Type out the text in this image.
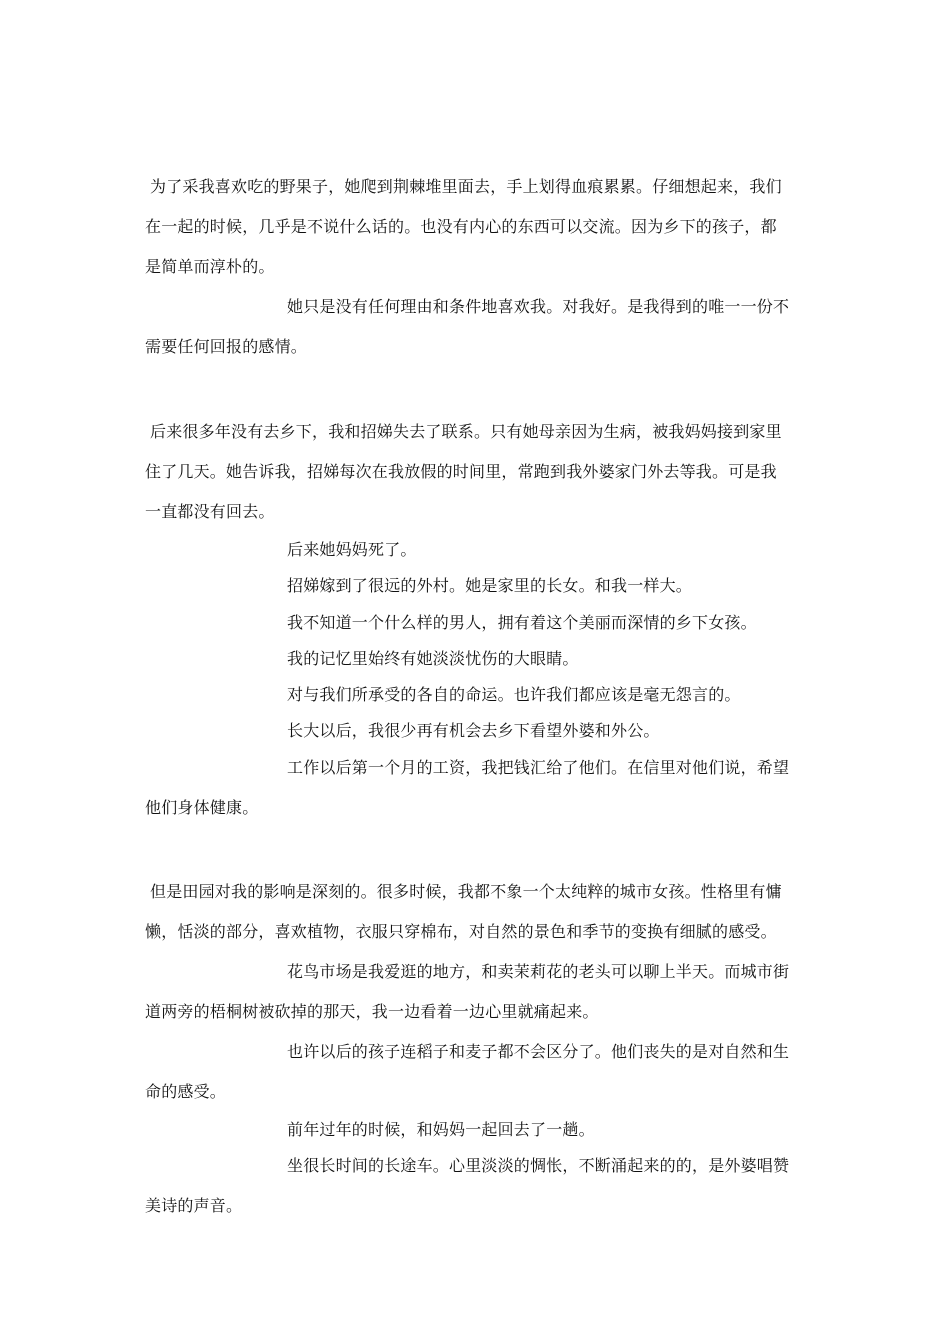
为了采我喜欢吃的野果子，她爬到荆棘堆里面去，手上划得血痕累累。仔细想起来，我们
在一起的时候，几乎是不说什么话的。也没有内心的东西可以交流。因为乡下的孩子，都
是简单而淳朴的。
她只是没有任何理由和条件地喜欢我。对我好。是我得到的唯一一份不
需要任何回报的感情。
后来很多年没有去乡下，我和招娣失去了联系。只有她母亲因为生病，被我妈妈接到家里
住了几天。她告诉我，招娣每次在我放假的时间里，常跑到我外婆家门外去等我。可是我
一直都没有回去。
后来她妈妈死了。
招娣嫁到了很远的外村。她是家里的长女。和我一样大。
我不知道一个什么样的男人，拥有着这个美丽而深情的乡下女孩。
我的记忆里始终有她淡淡忧伤的大眼睛。
对与我们所承受的各自的命运。也许我们都应该是毫无怨言的。
长大以后，我很少再有机会去乡下看望外婆和外公。
工作以后第一个月的工资，我把钱汇给了他们。在信里对他们说，希望
他们身体健康。
但是田园对我的影响是深刻的。很多时候，我都不象一个太纯粹的城市女孩。性格里有慵
懒，恬淡的部分，喜欢植物，衣服只穿棉布，对自然的景色和季节的变换有细腻的感受。
花鸟市场是我爱逛的地方，和卖茉莉花的老头可以聊上半天。而城市街
道两旁的梧桐树被砍掉的那天，我一边看着一边心里就痛起来。
也许以后的孩子连稻子和麦子都不会区分了。他们丧失的是对自然和生
命的感受。
前年过年的时候，和妈妈一起回去了一趟。
坐很长时间的长途车。心里淡淡的惆怅，不断涌起来的的，是外婆唱赞
美诗的声音。
